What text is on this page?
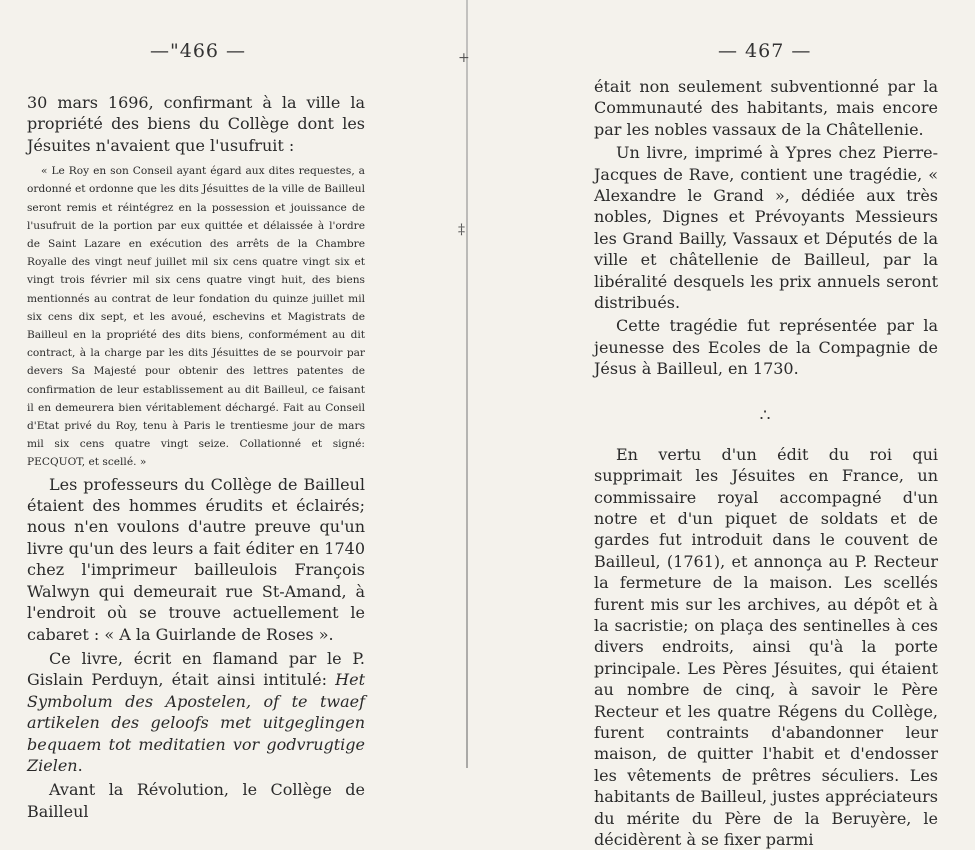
+
‡
—"466 —

30 mars 1696, confirmant à la ville la propriété des biens du Collège dont les Jésuites n'avaient que l'usufruit :

« Le Roy en son Conseil ayant égard aux dites requestes, a ordonné et ordonne que les dits Jésuittes de la ville de Bailleul seront remis et réintégrez en la possession et jouissance de l'usufruit de la portion par eux quittée et délaissée à l'ordre de Saint Lazare en exécution des arrêts de la Chambre Royalle des vingt neuf juillet mil six cens quatre vingt six et vingt trois février mil six cens quatre vingt huit, des biens mentionnés au contrat de leur fondation du quinze juillet mil six cens dix sept, et les avoué, eschevins et Magistrats de Bailleul en la propriété des dits biens, conformément au dit contract, à la charge par les dits Jésuittes de se pourvoir par devers Sa Majesté pour obtenir des lettres patentes de confirmation de leur establissement au dit Bailleul, ce faisant il en demeurera bien véritablement déchargé. Fait au Conseil d'Etat privé du Roy, tenu à Paris le trentiesme jour de mars mil six cens quatre vingt seize. Collationné et signé: PECQUOT, et scellé. »

Les professeurs du Collège de Bailleul étaient des hommes érudits et éclairés; nous n'en voulons d'autre preuve qu'un livre qu'un des leurs a fait éditer en 1740 chez l'imprimeur bailleulois François Walwyn qui demeurait rue St-Amand, à l'endroit où se trouve actuellement le cabaret : « A la Guirlande de Roses ».

Ce livre, écrit en flamand par le P. Gislain Perduyn, était ainsi intitulé: Het Symbolum des Apostelen, of te twaef artikelen des geloofs met uitgeglingen bequaem tot meditatien vor godvrugtige Zielen.

Avant la Révolution, le Collège de Bailleul

— 467 —

était non seulement subventionné par la Communauté des habitants, mais encore par les nobles vassaux de la Châtellenie.

Un livre, imprimé à Ypres chez Pierre-Jacques de Rave, contient une tragédie, « Alexandre le Grand », dédiée aux très nobles, Dignes et Prévoyants Messieurs les Grand Bailly, Vassaux et Députés de la ville et châtellenie de Bailleul, par la libéralité desquels les prix annuels seront distribués.

Cette tragédie fut représentée par la jeunesse des Ecoles de la Compagnie de Jésus à Bailleul, en 1730.

∴

En vertu d'un édit du roi qui supprimait les Jésuites en France, un commissaire royal accompagné d'un notre et d'un piquet de soldats et de gardes fut introduit dans le couvent de Bailleul, (1761), et annonça au P. Recteur la fermeture de la maison. Les scellés furent mis sur les archives, au dépôt et à la sacristie; on plaça des sentinelles à ces divers endroits, ainsi qu'à la porte principale. Les Pères Jésuites, qui étaient au nombre de cinq, à savoir le Père Recteur et les quatre Régens du Collège, furent contraints d'abandonner leur maison, de quitter l'habit et d'endosser les vêtements de prêtres séculiers. Les habitants de Bailleul, justes appréciateurs du mérite du Père de la Beruyère, le décidèrent à se fixer parmi
